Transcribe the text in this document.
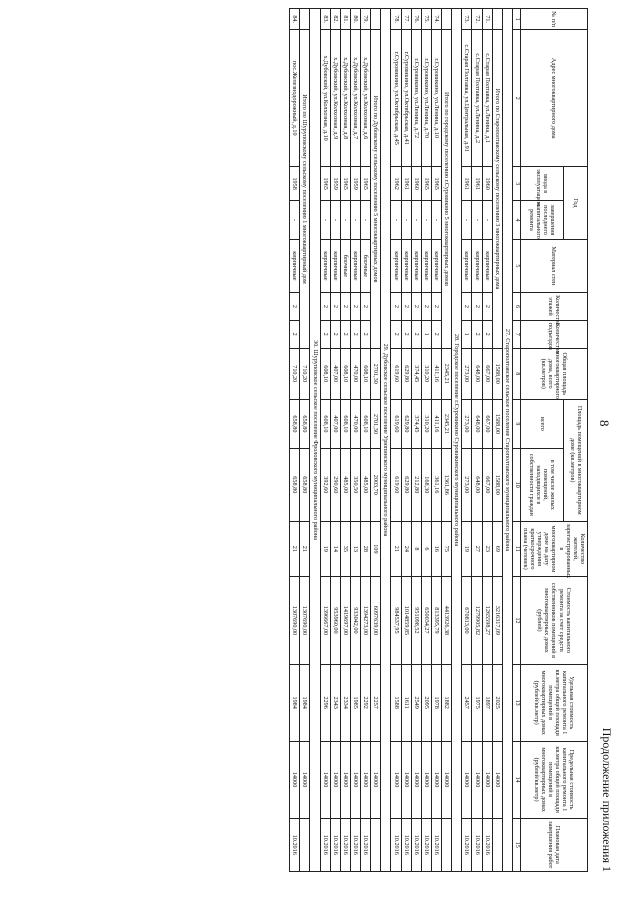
8
Продолжение приложения 1
№ п/п	Адрес многоквартирного дома	Год		Материал стен	Количество этажей	Количество подъездов	Общая площадь многоквартирного дома, всего (кв.метров)	Площадь помещений в многоквартирном доме (кв.метров)		Количество жителей, зарегистрированных в многоквартирном доме на дату утверждения краткосрочного плана (человек)	Стоимость капитального ремонта за счет средств собственников помещений в многоквартирных домах (рублей)	Удельная стоимость капитального ремонта 1 кв.метра общей площади помещений в многоквартирных домах (рублей/кв.метр)	Предельная стоимость капитального ремонта 1 кв.метра общей площади помещений в многоквартирных домах (рублей/кв.метр)	Плановая дата завершения работ
		ввода в эксплуатацию	завершения последнего капитального ремонта					всего	в том числе жилых помещений, находящихся в собственности граждан					
1	2	3	4	5	6	7	8	9	10	11	12	13	14	15
27. Старополтавское сельское поселение Старополтавского муниципального района														
	Итого по Старополтавскому сельскому поселению 3 многоквартирных дома						1588,00	1588,00	1588,00	69	3216317,09	2025	14000	
71.	с.Старая Полтавка, ул.Ленина, д.1	1960	-	кирпичные	2	2	667,00	667,00	667,00	23	1265598,27	1897	14000	10.2016
72.	с.Старая Полтавка, ул.Ленина, д.2	1961	-	кирпичные	2	2	648,00	648,00	648,00	27	1279905,82	1975	14000	10.2016
73.	с.Старая Полтавка, ул.Центральная, д.91	1961	-	кирпичные	2	1	273,00	273,00	273,00	19	670813,00	2457	14000	10.2016
28. Городское поселение г.Суровикино Суровикинского муниципального района														
	Итого по городскому поселению г.Суровикино 5 многоквартирных домов						2345,21	2345,21	1361,86	75	4413926,38	1882	14000	
74.	г.Суровикино, ул.Ленина, д.10	1965	-	кирпичные	2	2	411,16	411,16	361,16	16	813395,79	1978	14000	10.2016
75.	г.Суровикино, ул.Ленина, д.70	1965	-	кирпичные	2	1	310,20	310,20	168,30	6	650034,27	2095	14000	10.2016
76.	г.Суровикино, ул.Ленина, д.72	1960	-	кирпичные	2	2	374,45	374,45	212,80	8	951098,52	2549	14000	10.2016
77.	г.Суровикино, ул.Октябрьская, д.41	1961	-	кирпичные	2	2	629,80	629,80	629,80	24	1014859,85	1611	14000	10.2016
78.	г.Суровикино, ул.Октябрьская, д.45	1962	-	кирпичные	2	2	619,60	619,60	619,60	21	984537,95	1588	14000	10.2016
29. Дубовское сельское поселение Урюпинского муниципального района														
	Итого по Дубовскому сельскому поселению 5 многоквартирных домов						2701,30	2701,30	2003,70	109	6097639,00	2257	14000	
79.	х.Дубовский, ул.Колхозная, д.6	1965	-	блочные	2	2	608,10	608,10	485,00	28	1394273,00	2292	14000	10.2016
80.	х.Дубовский, ул.Колхозная, д.7	1959	-	кирпичные	2	2	470,00	470,00	350,50	13	933042,00	1985	14000	10.2016
81.	х.Дубовский, ул.Колхозная, д.8	1965	-	блочные	2	2	608,10	608,10	485,00	35	1419697,00	2334	14000	10.2016
82.	х.Дубовский, ул.Колхозная, д.9	1959	-	кирпичные	2	2	407,00	407,00	290,60	14	953960,00	2343	14000	10.2016
83.	х.Дубовский, ул.Колхозная, д.10	1965	-	кирпичные	2	2	608,10	608,10	392,60	19	1396667,00	2296	14000	10.2016
30. Шуруповское сельское поселение Фроловского муниципального района														
	Итого по Шуруповскому сельскому поселению 1 многоквартирный дом						710,20	658,80	658,80	21	1307690,00	1984	14000	
84.	пос.Железнодорожный, д.10	1958	-	кирпичные	2	2	710,20	658,80	658,80	21	1307690,00	1984	14000	10.2016
